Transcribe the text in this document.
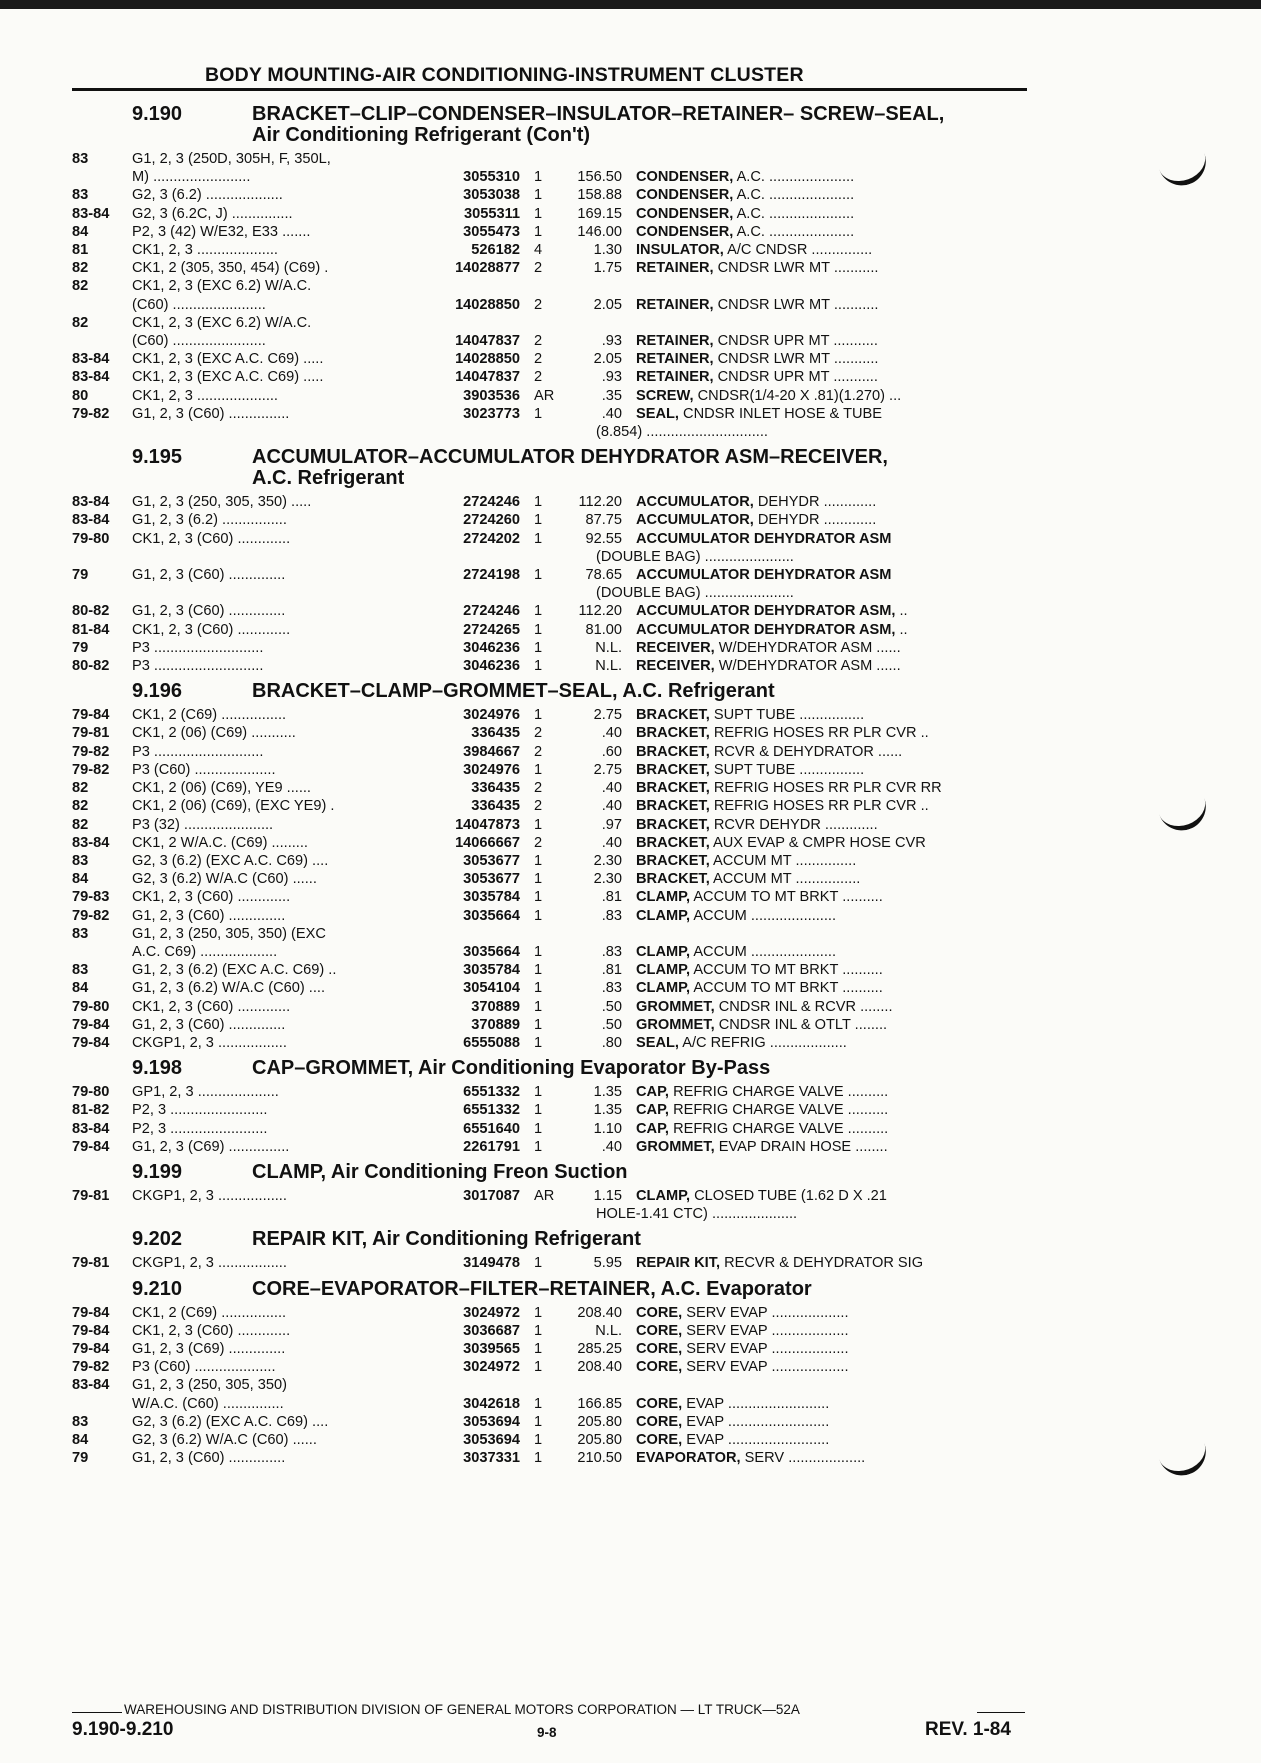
BODY MOUNTING-AIR CONDITIONING-INSTRUMENT CLUSTER
9.190	BRACKET–CLIP–CONDENSER–INSULATOR–RETAINER– SCREW–SEAL,
Air Conditioning Refrigerant (Con't)
83	G1, 2, 3 (250D, 305H, F, 350L,
M) ........................	3055310 1	156.50 CONDENSER, A.C. .....................
83	G2, 3 (6.2) ...................	3053038 1	158.88 CONDENSER, A.C. .....................
83-84	G2, 3 (6.2C, J) ...............	3055311 1	169.15 CONDENSER, A.C. .....................
84	P2, 3 (42) W/E32, E33 .......	3055473 1	146.00 CONDENSER, A.C. .....................
81	CK1, 2, 3 ....................	526182 4	1.30 INSULATOR, A/C CNDSR ...............
82	CK1, 2 (305, 350, 454) (C69) .	14028877 2	1.75 RETAINER, CNDSR LWR MT ...........
82	CK1, 2, 3 (EXC 6.2) W/A.C.
(C60) .......................	14028850 2	2.05 RETAINER, CNDSR LWR MT ...........
82	CK1, 2, 3 (EXC 6.2) W/A.C.
(C60) .......................	14047837 2	.93 RETAINER, CNDSR UPR MT ...........
83-84	CK1, 2, 3 (EXC A.C. C69) .....	14028850 2	2.05 RETAINER, CNDSR LWR MT ...........
83-84	CK1, 2, 3 (EXC A.C. C69) .....	14047837 2	.93 RETAINER, CNDSR UPR MT ...........
80	CK1, 2, 3 ....................	3903536 AR	.35 SCREW, CNDSR(1/4-20 X .81)(1.270) ...
79-82	G1, 2, 3 (C60) ...............	3023773 1	.40 SEAL, CNDSR INLET HOSE & TUBE
(8.854) ..............................
9.195	ACCUMULATOR–ACCUMULATOR DEHYDRATOR ASM–RECEIVER,
A.C. Refrigerant
83-84	G1, 2, 3 (250, 305, 350) .....	2724246 1	112.20 ACCUMULATOR, DEHYDR .............
83-84	G1, 2, 3 (6.2) ................	2724260 1	87.75 ACCUMULATOR, DEHYDR .............
79-80	CK1, 2, 3 (C60) .............	2724202 1	92.55 ACCUMULATOR DEHYDRATOR ASM
(DOUBLE BAG) ......................
79	G1, 2, 3 (C60) ..............	2724198 1	78.65 ACCUMULATOR DEHYDRATOR ASM
(DOUBLE BAG) ......................
80-82	G1, 2, 3 (C60) ..............	2724246 1	112.20 ACCUMULATOR DEHYDRATOR ASM, ..
81-84	CK1, 2, 3 (C60) .............	2724265 1	81.00 ACCUMULATOR DEHYDRATOR ASM, ..
79	P3 ...........................	3046236 1	N.L. RECEIVER, W/DEHYDRATOR ASM ......
80-82	P3 ...........................	3046236 1	N.L. RECEIVER, W/DEHYDRATOR ASM ......
9.196	BRACKET–CLAMP–GROMMET–SEAL, A.C. Refrigerant
79-84	CK1, 2 (C69) ................	3024976 1	2.75 BRACKET, SUPT TUBE ................
79-81	CK1, 2 (06) (C69) ...........	336435 2	.40 BRACKET, REFRIG HOSES RR PLR CVR ..
79-82	P3 ...........................	3984667 2	.60 BRACKET, RCVR & DEHYDRATOR ......
79-82	P3 (C60) ....................	3024976 1	2.75 BRACKET, SUPT TUBE ................
82	CK1, 2 (06) (C69), YE9 ......	336435 2	.40 BRACKET, REFRIG HOSES RR PLR CVR RR
82	CK1, 2 (06) (C69), (EXC YE9) .	336435 2	.40 BRACKET, REFRIG HOSES RR PLR CVR ..
82	P3 (32) ......................	14047873 1	.97 BRACKET, RCVR DEHYDR .............
83-84	CK1, 2 W/A.C. (C69) .........	14066667 2	.40 BRACKET, AUX EVAP & CMPR HOSE CVR
83	G2, 3 (6.2) (EXC A.C. C69) ....	3053677 1	2.30 BRACKET, ACCUM MT ...............
84	G2, 3 (6.2) W/A.C (C60) ......	3053677 1	2.30 BRACKET, ACCUM MT ................
79-83	CK1, 2, 3 (C60) .............	3035784 1	.81 CLAMP, ACCUM TO MT BRKT ..........
79-82	G1, 2, 3 (C60) ..............	3035664 1	.83 CLAMP, ACCUM .....................
83	G1, 2, 3 (250, 305, 350) (EXC
A.C. C69) ...................	3035664 1	.83 CLAMP, ACCUM .....................
83	G1, 2, 3 (6.2) (EXC A.C. C69) ..	3035784 1	.81 CLAMP, ACCUM TO MT BRKT ..........
84	G1, 2, 3 (6.2) W/A.C (C60) ....	3054104 1	.83 CLAMP, ACCUM TO MT BRKT ..........
79-80	CK1, 2, 3 (C60) .............	370889 1	.50 GROMMET, CNDSR INL & RCVR ........
79-84	G1, 2, 3 (C60) ..............	370889 1	.50 GROMMET, CNDSR INL & OTLT ........
79-84	CKGP1, 2, 3 .................	6555088 1	.80 SEAL, A/C REFRIG ...................
9.198	CAP–GROMMET, Air Conditioning Evaporator By-Pass
79-80	GP1, 2, 3 ....................	6551332 1	1.35 CAP, REFRIG CHARGE VALVE ..........
81-82	P2, 3 ........................	6551332 1	1.35 CAP, REFRIG CHARGE VALVE ..........
83-84	P2, 3 ........................	6551640 1	1.10 CAP, REFRIG CHARGE VALVE ..........
79-84	G1, 2, 3 (C69) ...............	2261791 1	.40 GROMMET, EVAP DRAIN HOSE ........
9.199	CLAMP, Air Conditioning Freon Suction
79-81	CKGP1, 2, 3 .................	3017087 AR	1.15 CLAMP, CLOSED TUBE (1.62 D X .21
HOLE-1.41 CTC) .....................
9.202	REPAIR KIT, Air Conditioning Refrigerant
79-81	CKGP1, 2, 3 .................	3149478 1	5.95 REPAIR KIT, RECVR & DEHYDRATOR SIG
9.210	CORE–EVAPORATOR–FILTER–RETAINER, A.C. Evaporator
79-84	CK1, 2 (C69) ................	3024972 1	208.40 CORE, SERV EVAP ...................
79-84	CK1, 2, 3 (C60) .............	3036687 1	N.L. CORE, SERV EVAP ...................
79-84	G1, 2, 3 (C69) ..............	3039565 1	285.25 CORE, SERV EVAP ...................
79-82	P3 (C60) ....................	3024972 1	208.40 CORE, SERV EVAP ...................
83-84	G1, 2, 3 (250, 305, 350)
W/A.C. (C60) ...............	3042618 1	166.85 CORE, EVAP .........................
83	G2, 3 (6.2) (EXC A.C. C69) ....	3053694 1	205.80 CORE, EVAP .........................
84	G2, 3 (6.2) W/A.C (C60) ......	3053694 1	205.80 CORE, EVAP .........................
79	G1, 2, 3 (C60) ..............	3037331 1	210.50 EVAPORATOR, SERV ...................
WAREHOUSING AND DISTRIBUTION DIVISION OF GENERAL MOTORS CORPORATION — LT TRUCK—52A
9.190-9.210	9-8	REV. 1-84
